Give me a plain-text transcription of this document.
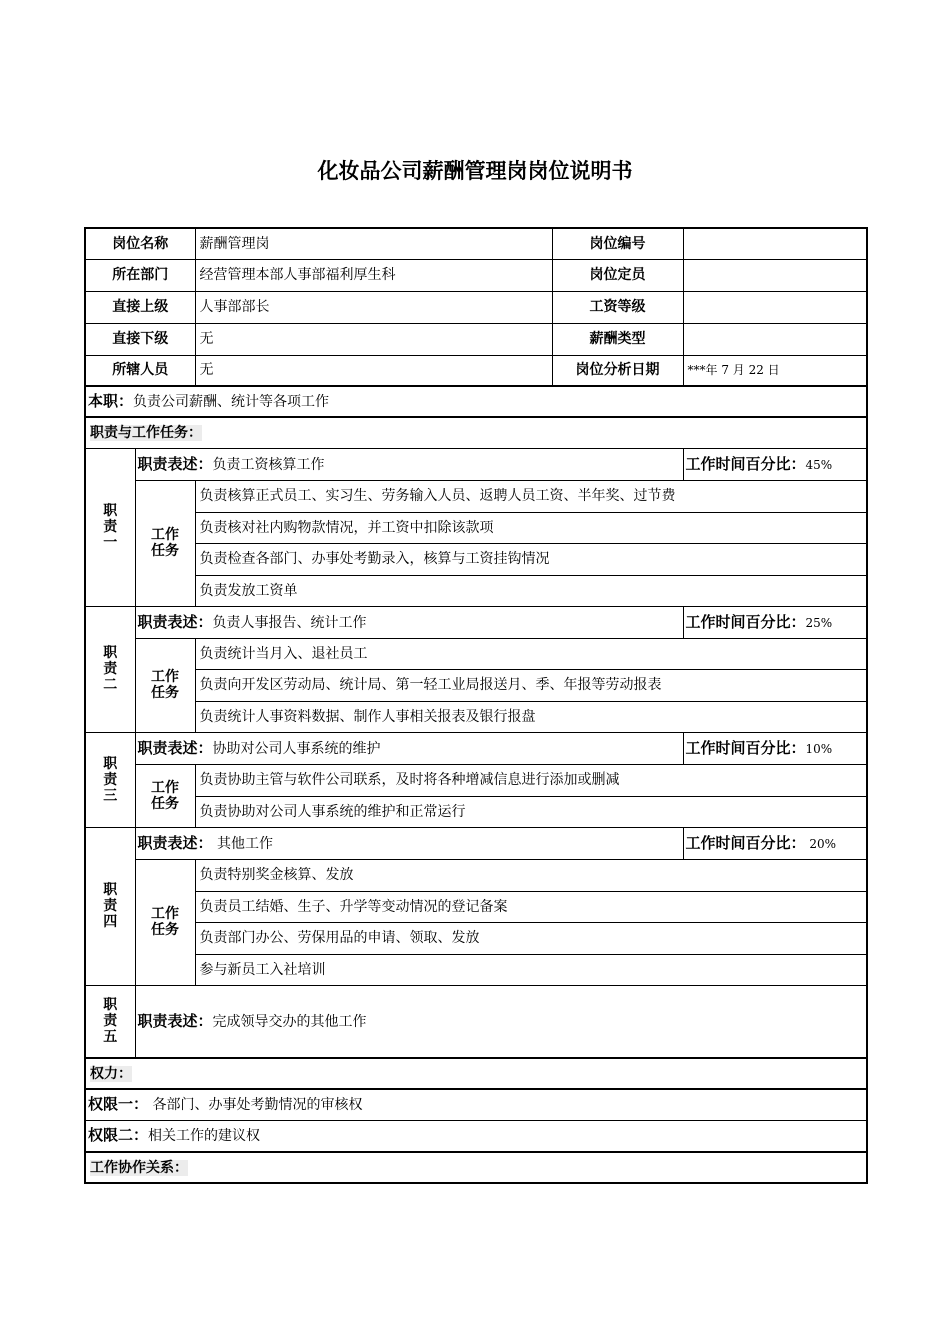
化妆品公司薪酬管理岗岗位说明书
岗位名称		薪酬管理岗	岗位编号	
所在部门		经营管理本部人事部福利厚生科	岗位定员	
直接上级		人事部部长	工资等级	
直接下级		无	薪酬类型	
所辖人员		无	岗位分析日期	***年 7 月 22 日
本职：负责公司薪酬、统计等各项工作				
职责与工作任务：				

职
责
一	职责表述：负责工资核算工作			工作时间百分比：45%

	工作
任务	负责核算正式员工、实习生、劳务输入人员、返聘人员工资、半年奖、过节费		
		负责核对社内购物款情况，并工资中扣除该款项		
		负责检查各部门、办事处考勤录入，核算与工资挂钩情况		
		负责发放工资单		

职
责
二	职责表述：负责人事报告、统计工作			工作时间百分比：25%

	工作
任务	负责统计当月入、退社员工		
		负责向开发区劳动局、统计局、第一轻工业局报送月、季、年报等劳动报表		
		负责统计人事资料数据、制作人事相关报表及银行报盘		

职
责
三	职责表述：协助对公司人事系统的维护			工作时间百分比：10%

	工作
任务	负责协助主管与软件公司联系，及时将各种增减信息进行添加或删减		
		负责协助对公司人事系统的维护和正常运行		

职
责
四	职责表述： 其他工作			工作时间百分比： 20%

	工作
任务	负责特别奖金核算、发放		
		负责员工结婚、生子、升学等变动情况的登记备案		
		负责部门办公、劳保用品的申请、领取、发放		
		参与新员工入社培训		

职
责
五	职责表述：完成领导交办的其他工作			
权力：				
权限一： 各部门、办事处考勤情况的审核权				
权限二：相关工作的建议权				
工作协作关系：				
